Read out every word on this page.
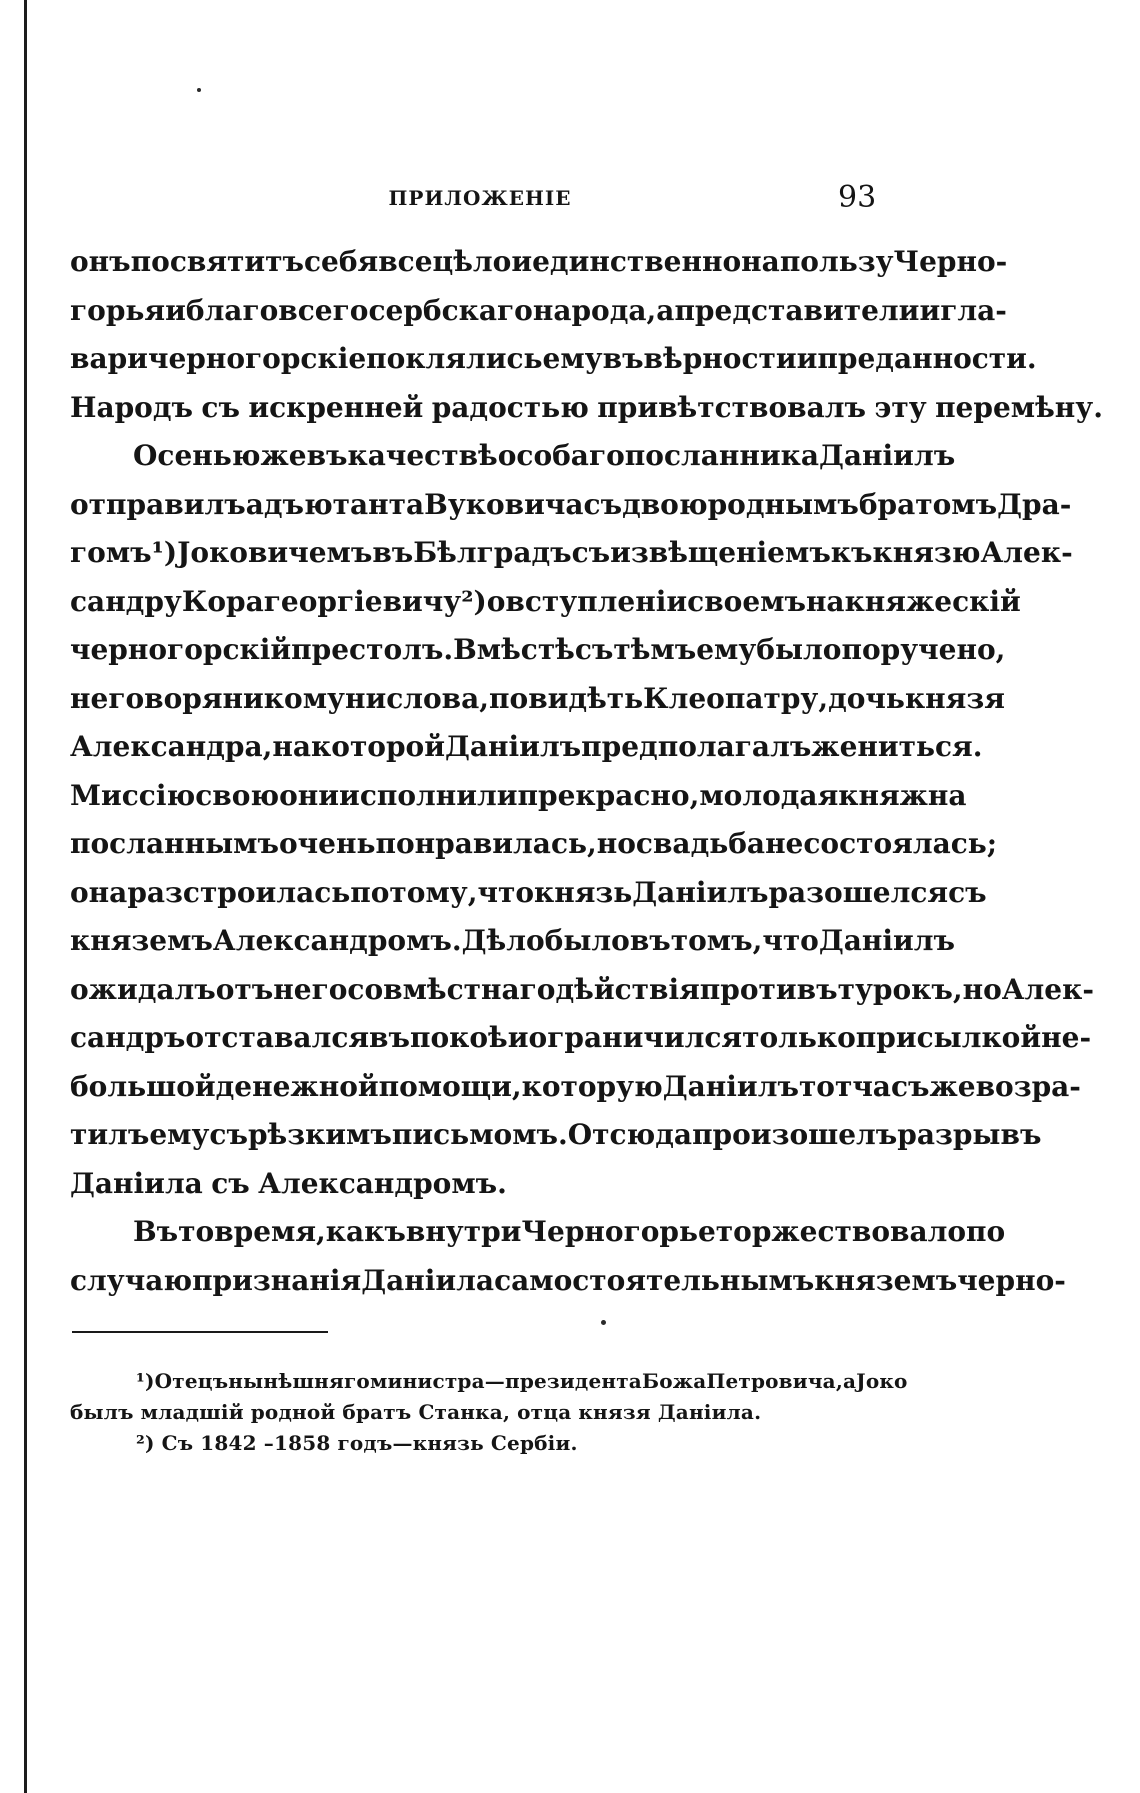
ПРИЛОЖЕНІЕ	93
онъ посвятитъ себя всецѣло и единственно на пользу Черно-
горья и благо всего сербскаго народа, а представители и гла-
вари черногорскіе поклялись ему въ вѣрности и преданности.
Народъ съ искренней радостью привѣтствовалъ эту перемѣну.
Осенью же въ качествѣ особаго посланника Даніилъ
отправилъ адъютанта Вуковича съ двоюроднымъ братомъ Дра-
гомъ ¹) Јоковичемъ въ Бѣлградъ съ извѣщеніемъ къ князю Алек-
сандру Корагеоргіевичу ²) о вступленіи своемъ на княжескій
черногорскій престолъ. Вмѣстѣ съ тѣмъ ему было поручено,
не говоря никому ни слова, повидѣть Клеопатру, дочь князя
Александра, на которой Даніилъ предполагалъ жениться.
Миссію свою они исполнили прекрасно, молодая княжна
посланнымъ очень понравилась, но свадьба не состоялась;
она разстроилась потому, что князь Даніилъ разошелся съ
княземъ Александромъ. Дѣло было въ томъ, что Даніилъ
ожидалъ отъ него совмѣстнаго дѣйствія противъ турокъ, но Алек-
сандръ отставался въ покоѣ и ограничился только присылкой не-
большой денежной помощи, которую Даніилъ тотчасъ же возра-
тилъ ему съ рѣзкимъ письмомъ. Отсюда произошелъ разрывъ
Даніила съ Александромъ.
Въ то время, какъ внутри Черногорье торжествовало по
случаю признанія Даніила самостоятельнымъ княземъ черно-
¹) Отецъ нынѣшняго министра—президента Божа Петровича, а Јоко
былъ младшій родной братъ Станка, отца князя Даніила.
²) Съ 1842 –1858 годъ—князь Сербіи.
